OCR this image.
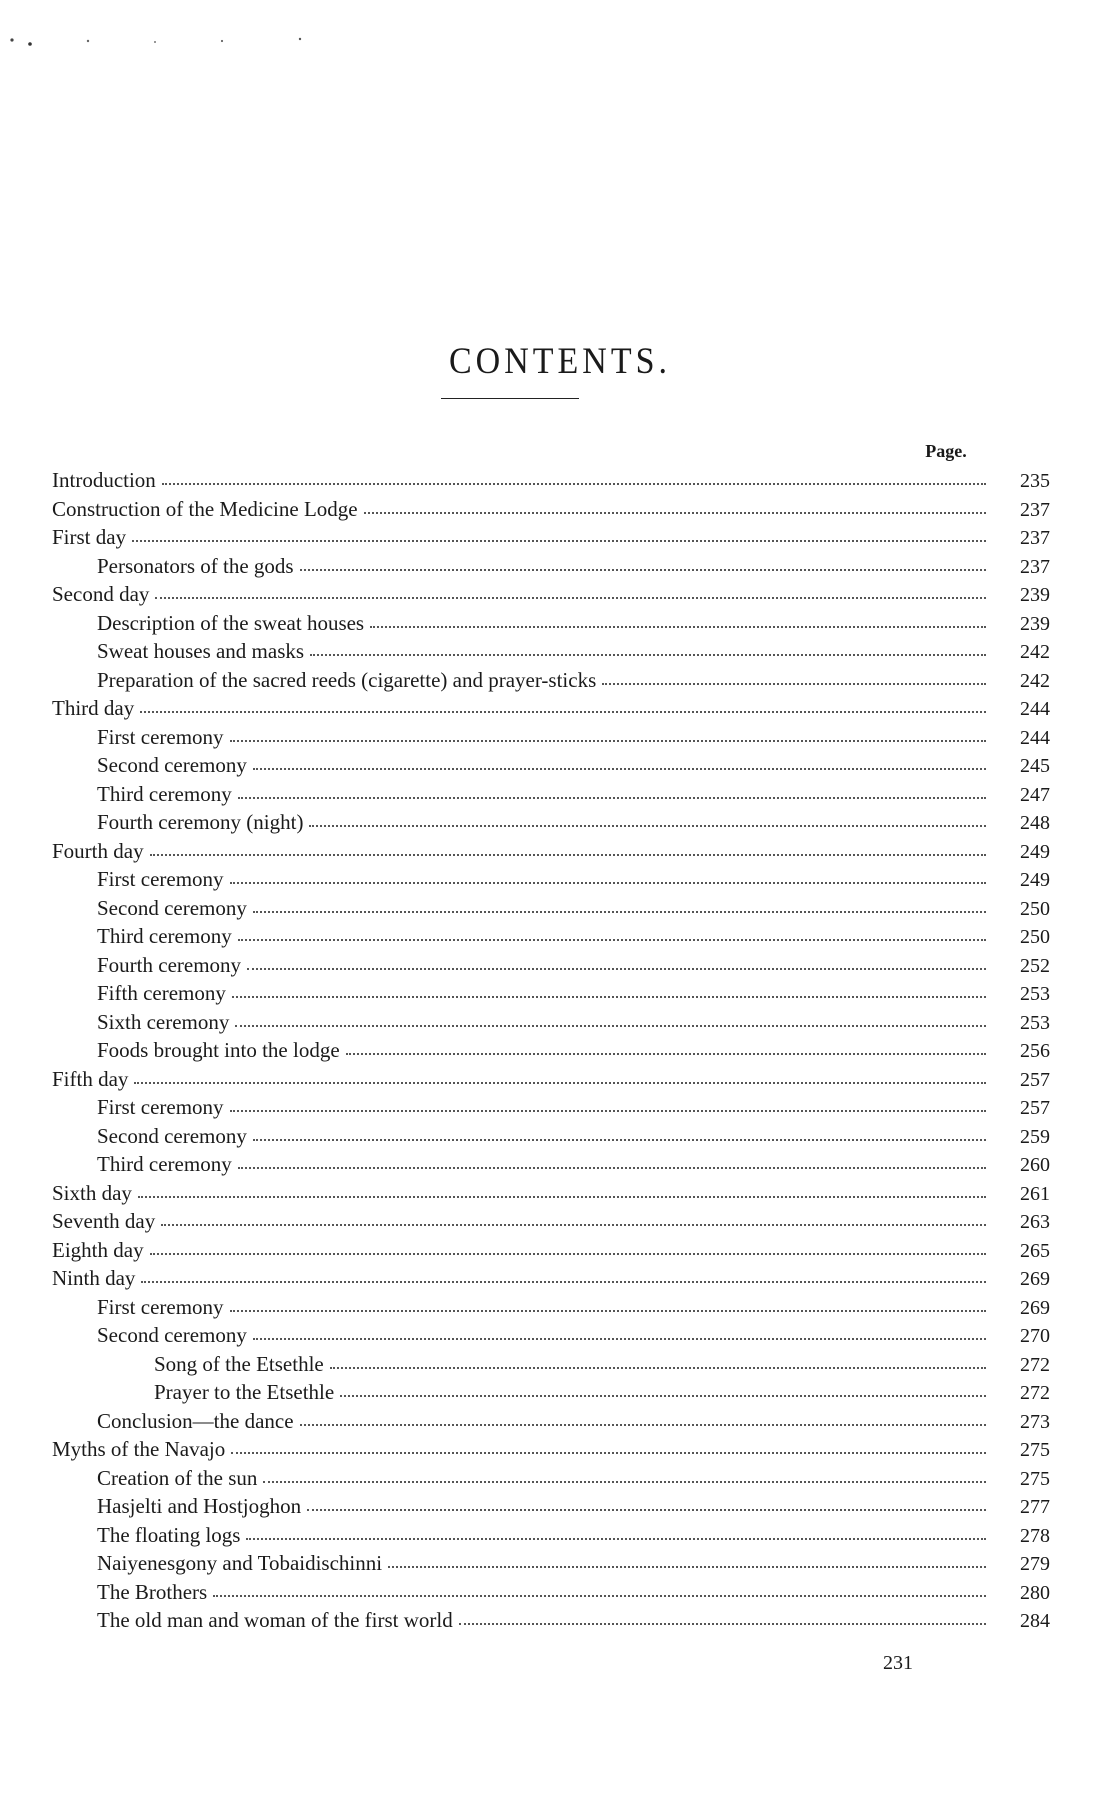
CONTENTS.
Page.
Introduction	235
Construction of the Medicine Lodge	237
First day	237
Personators of the gods	237
Second day	239
Description of the sweat houses	239
Sweat houses and masks	242
Preparation of the sacred reeds (cigarette) and prayer-sticks	242
Third day	244
First ceremony	244
Second ceremony	245
Third ceremony	247
Fourth ceremony (night)	248
Fourth day	249
First ceremony	249
Second ceremony	250
Third ceremony	250
Fourth ceremony	252
Fifth ceremony	253
Sixth ceremony	253
Foods brought into the lodge	256
Fifth day	257
First ceremony	257
Second ceremony	259
Third ceremony	260
Sixth day	261
Seventh day	263
Eighth day	265
Ninth day	269
First ceremony	269
Second ceremony	270
Song of the Etsethle	272
Prayer to the Etsethle	272
Conclusion—the dance	273
Myths of the Navajo	275
Creation of the sun	275
Hasjelti and Hostjoghon	277
The floating logs	278
Naiyenesgony and Tobaidischinni	279
The Brothers	280
The old man and woman of the first world	284
231
